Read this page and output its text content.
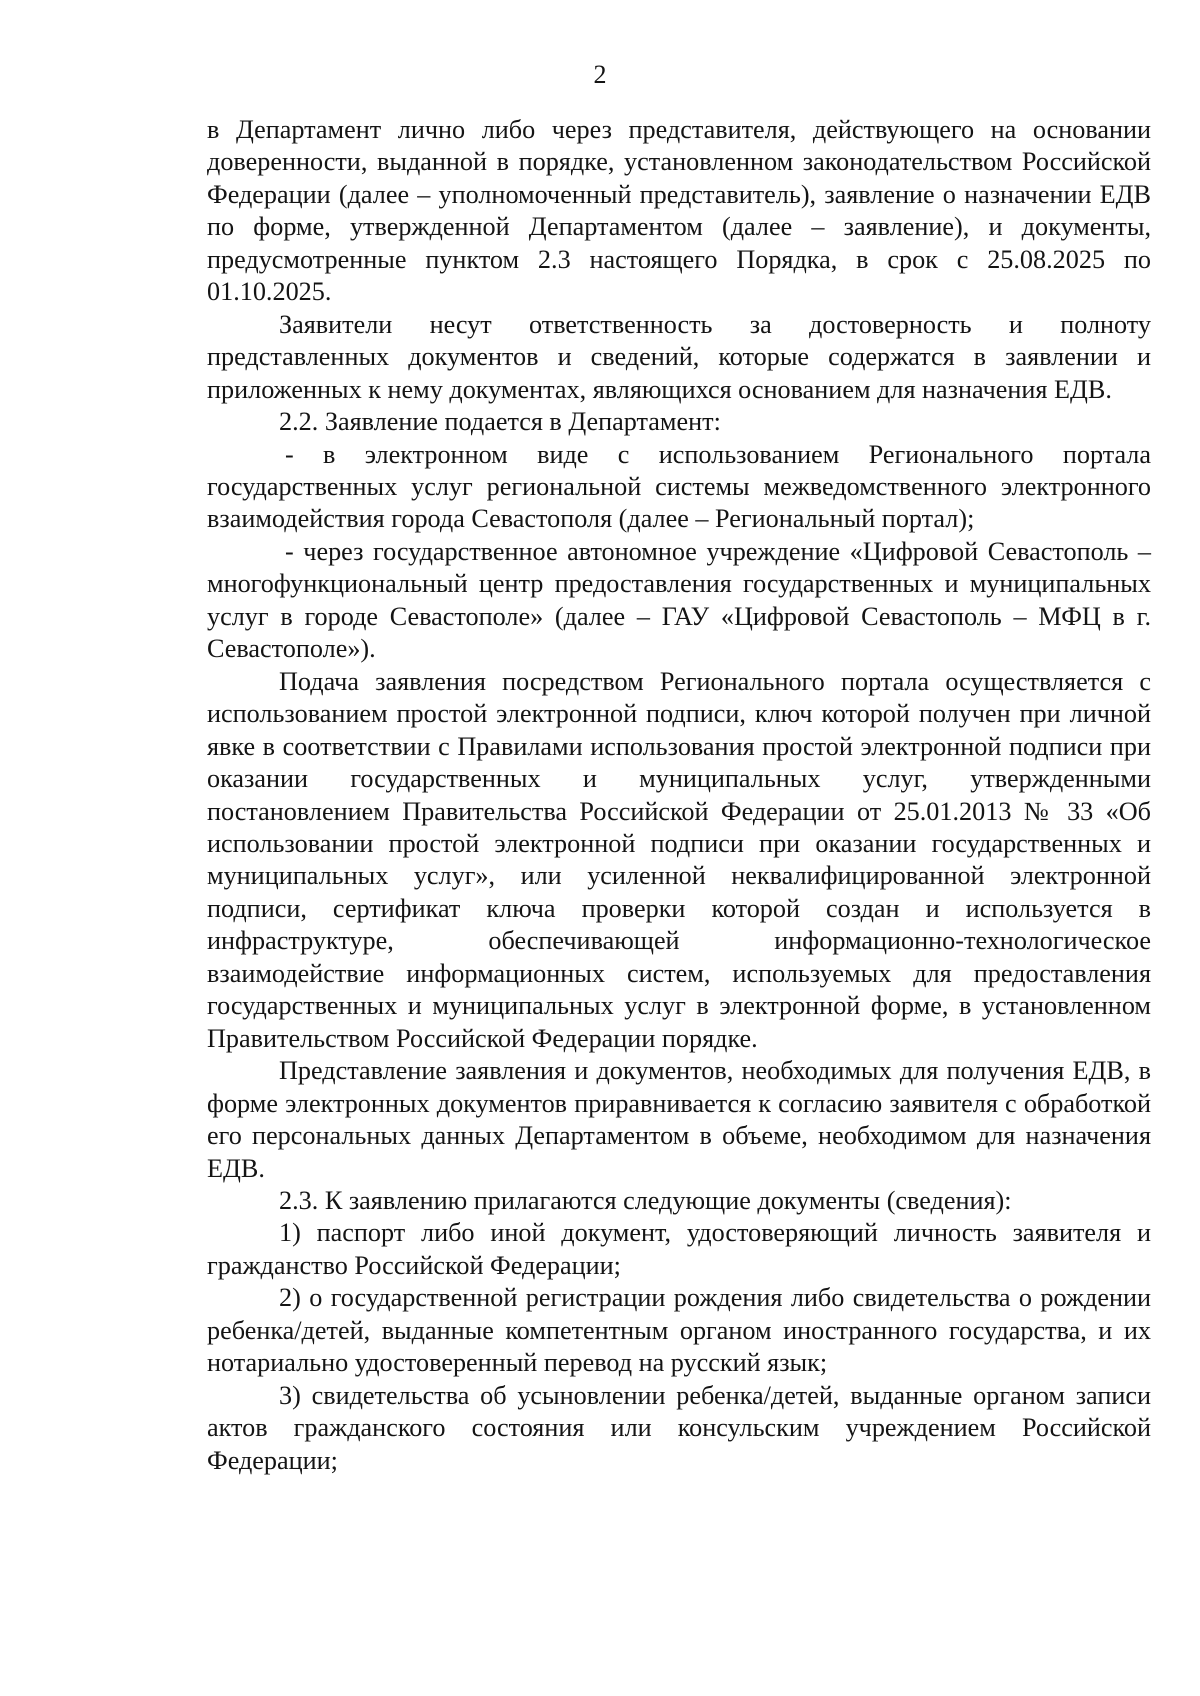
2

в Департамент лично либо через представителя, действующего на основании доверенности, выданной в порядке, установленном законодательством Российской Федерации (далее – уполномоченный представитель), заявление о назначении ЕДВ по форме, утвержденной Департаментом (далее – заявление), и документы, предусмотренные пунктом 2.3 настоящего Порядка, в срок с 25.08.2025 по 01.10.2025.

Заявители несут ответственность за достоверность и полноту представленных документов и сведений, которые содержатся в заявлении и приложенных к нему документах, являющихся основанием для назначения ЕДВ.

2.2. Заявление подается в Департамент:

- в электронном виде с использованием Регионального портала государственных услуг региональной системы межведомственного электронного взаимодействия города Севастополя (далее – Региональный портал);

- через государственное автономное учреждение «Цифровой Севастополь – многофункциональный центр предоставления государственных и муниципальных услуг в городе Севастополе» (далее – ГАУ «Цифровой Севастополь – МФЦ в г. Севастополе»).

Подача заявления посредством Регионального портала осуществляется с использованием простой электронной подписи, ключ которой получен при личной явке в соответствии с Правилами использования простой электронной подписи при оказании государственных и муниципальных услуг, утвержденными постановлением Правительства Российской Федерации от 25.01.2013 № 33 «Об использовании простой электронной подписи при оказании государственных и муниципальных услуг», или усиленной неквалифицированной электронной подписи, сертификат ключа проверки которой создан и используется в инфраструктуре, обеспечивающей информационно-технологическое взаимодействие информационных систем, используемых для предоставления государственных и муниципальных услуг в электронной форме, в установленном Правительством Российской Федерации порядке.

Представление заявления и документов, необходимых для получения ЕДВ, в форме электронных документов приравнивается к согласию заявителя с обработкой его персональных данных Департаментом в объеме, необходимом для назначения ЕДВ.

2.3. К заявлению прилагаются следующие документы (сведения):

1) паспорт либо иной документ, удостоверяющий личность заявителя и гражданство Российской Федерации;

2) о государственной регистрации рождения либо свидетельства о рождении ребенка/детей, выданные компетентным органом иностранного государства, и их нотариально удостоверенный перевод на русский язык;

3) свидетельства об усыновлении ребенка/детей, выданные органом записи актов гражданского состояния или консульским учреждением Российской Федерации;
